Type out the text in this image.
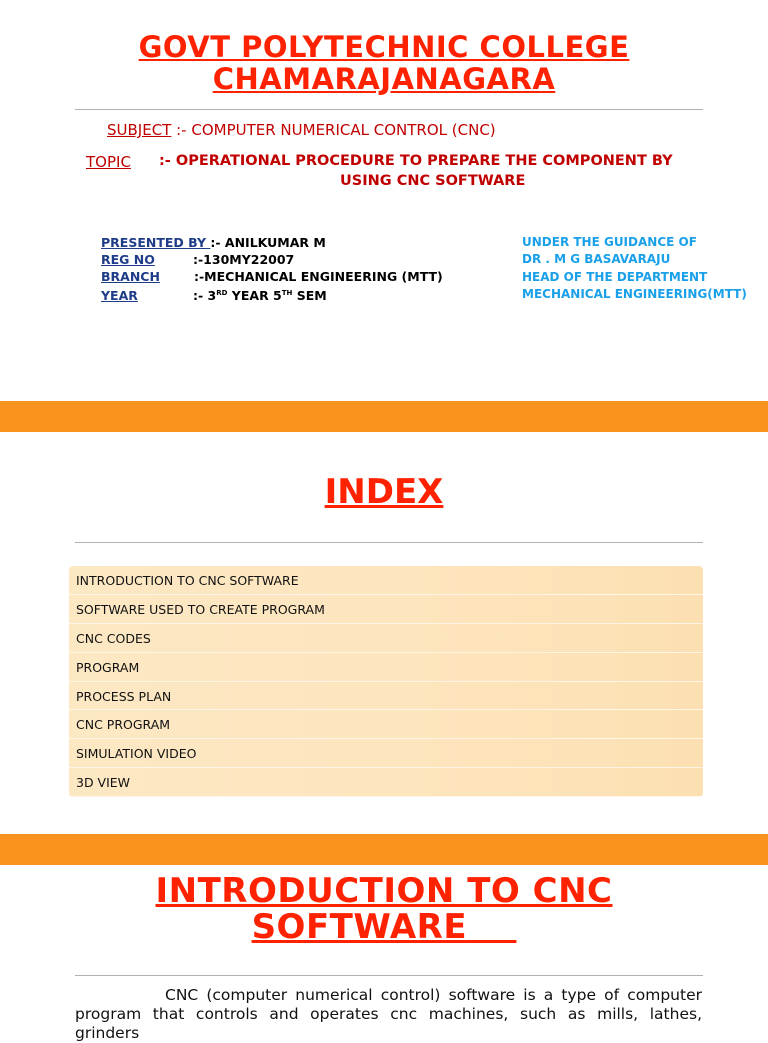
GOVT POLYTECHNIC COLLEGE
CHAMARAJANAGARA
SUBJECT :- COMPUTER NUMERICAL CONTROL (CNC)
TOPIC :- OPERATIONAL PROCEDURE TO PREPARE THE COMPONENT BY
USING CNC SOFTWARE
PRESENTED BY :- ANILKUMAR M
REG NO	:-130MY22007
BRANCH	:-MECHANICAL ENGINEERING (MTT)
YEAR	:- 3RD YEAR 5TH SEM
UNDER THE GUIDANCE OF
DR . M G BASAVARAJU
HEAD OF THE DEPARTMENT
MECHANICAL ENGINEERING(MTT)
INDEX
INTRODUCTION TO CNC SOFTWARE
SOFTWARE USED TO CREATE PROGRAM
CNC CODES
PROGRAM
PROCESS PLAN
CNC PROGRAM
SIMULATION VIDEO
3D VIEW
INTRODUCTION TO CNC
SOFTWARE
CNC (computer numerical control) software is a type of computer program that controls and operates cnc machines, such as mills, lathes, grinders
